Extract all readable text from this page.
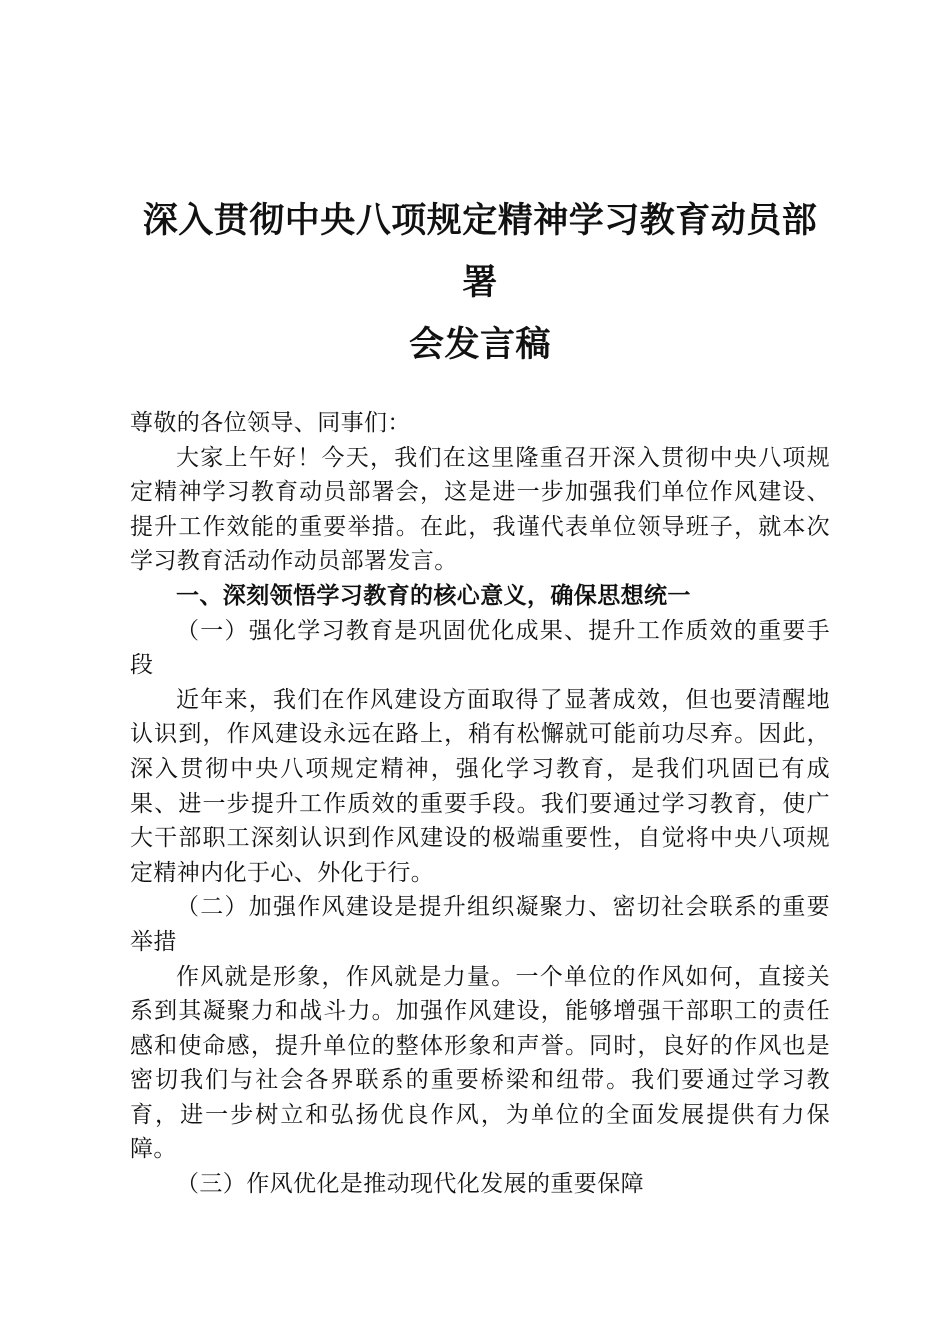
深入贯彻中央八项规定精神学习教育动员部署
会发言稿

尊敬的各位领导、同事们：

大家上午好！今天，我们在这里隆重召开深入贯彻中央八项规定精神学习教育动员部署会，这是进一步加强我们单位作风建设、提升工作效能的重要举措。在此，我谨代表单位领导班子，就本次学习教育活动作动员部署发言。

一、深刻领悟学习教育的核心意义，确保思想统一

（一）强化学习教育是巩固优化成果、提升工作质效的重要手段

近年来，我们在作风建设方面取得了显著成效，但也要清醒地认识到，作风建设永远在路上，稍有松懈就可能前功尽弃。因此，深入贯彻中央八项规定精神，强化学习教育，是我们巩固已有成果、进一步提升工作质效的重要手段。我们要通过学习教育，使广大干部职工深刻认识到作风建设的极端重要性，自觉将中央八项规定精神内化于心、外化于行。

（二）加强作风建设是提升组织凝聚力、密切社会联系的重要举措

作风就是形象，作风就是力量。一个单位的作风如何，直接关系到其凝聚力和战斗力。加强作风建设，能够增强干部职工的责任感和使命感，提升单位的整体形象和声誉。同时，良好的作风也是密切我们与社会各界联系的重要桥梁和纽带。我们要通过学习教育，进一步树立和弘扬优良作风，为单位的全面发展提供有力保障。

（三）作风优化是推动现代化发展的重要保障
